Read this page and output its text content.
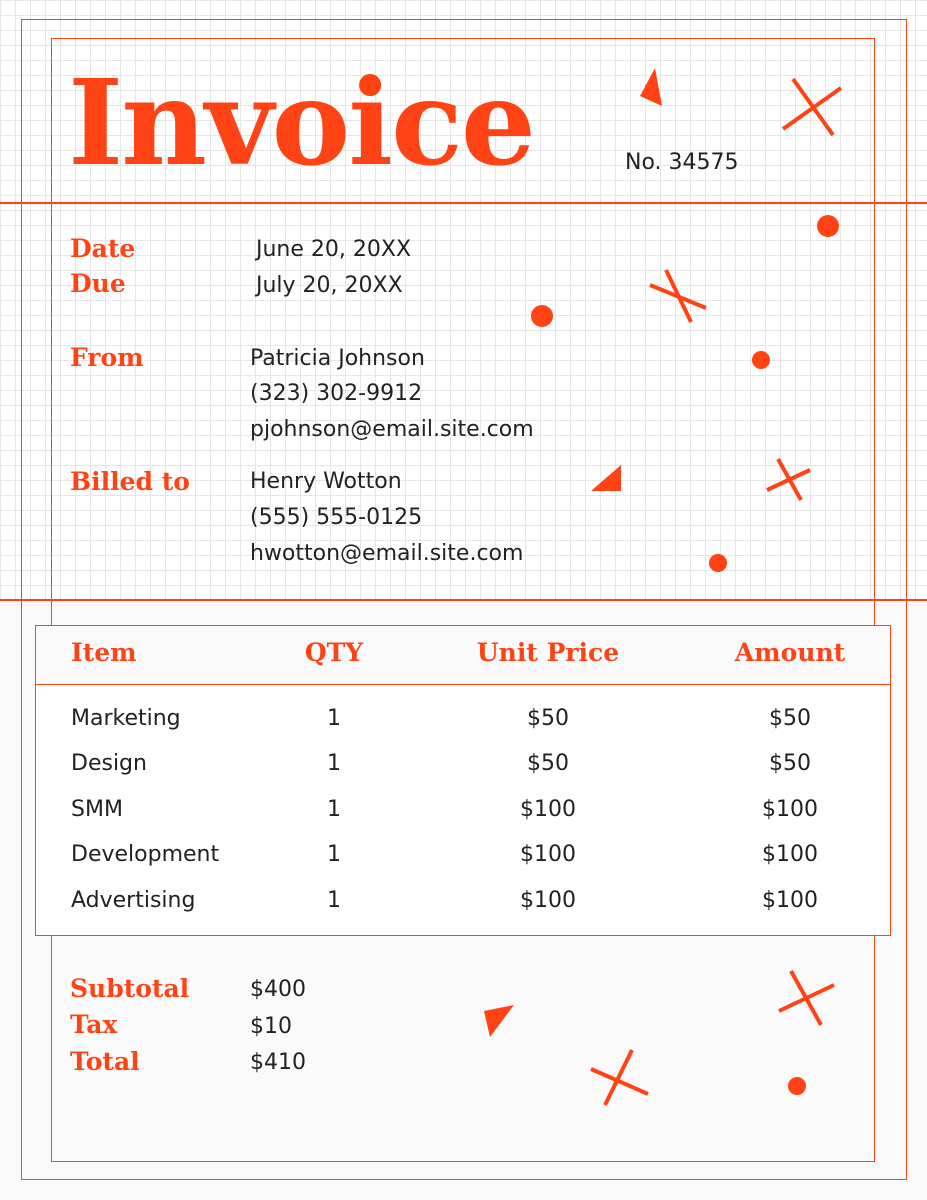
Invoice	No. 34575
Date	June 20, 20XX
Due	July 20, 20XX
From	Patricia Johnson
(323) 302-9912
pjohnson@email.site.com
Billed to	Henry Wotton
(555) 555-0125
hwotton@email.site.com
Item	QTY	Unit Price	Amount
Marketing	1	$50	$50
Design	1	$50	$50
SMM	1	$100	$100
Development	1	$100	$100
Advertising	1	$100	$100
Subtotal	$400
Tax	$10
Total	$410
